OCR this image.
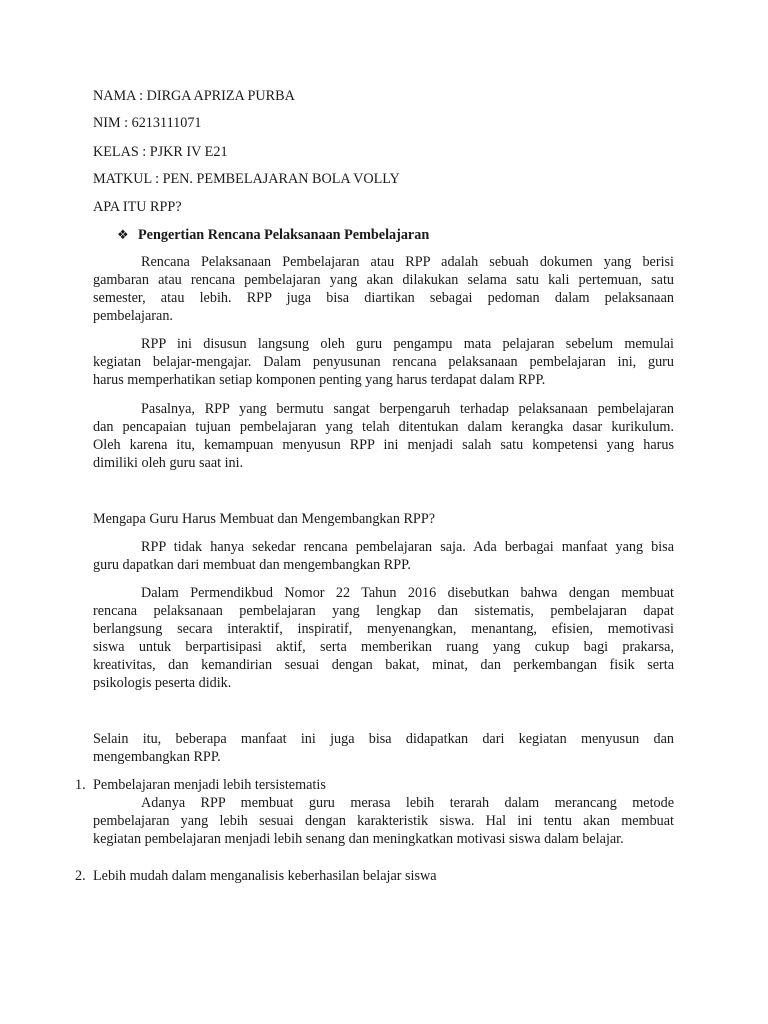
NAMA : DIRGA APRIZA PURBA

NIM : 6213111071

KELAS : PJKR IV E21

MATKUL : PEN. PEMBELAJARAN BOLA VOLLY

APA ITU RPP?

❖ Pengertian Rencana Pelaksanaan Pembelajaran

Rencana Pelaksanaan Pembelajaran atau RPP adalah sebuah dokumen yang berisi

gambaran atau rencana pembelajaran yang akan dilakukan selama satu kali pertemuan, satu

semester, atau lebih. RPP juga bisa diartikan sebagai pedoman dalam pelaksanaan

pembelajaran.

RPP ini disusun langsung oleh guru pengampu mata pelajaran sebelum memulai

kegiatan belajar-mengajar. Dalam penyusunan rencana pelaksanaan pembelajaran ini, guru

harus memperhatikan setiap komponen penting yang harus terdapat dalam RPP.

Pasalnya, RPP yang bermutu sangat berpengaruh terhadap pelaksanaan pembelajaran

dan pencapaian tujuan pembelajaran yang telah ditentukan dalam kerangka dasar kurikulum.

Oleh karena itu, kemampuan menyusun RPP ini menjadi salah satu kompetensi yang harus

dimiliki oleh guru saat ini.

Mengapa Guru Harus Membuat dan Mengembangkan RPP?

RPP tidak hanya sekedar rencana pembelajaran saja. Ada berbagai manfaat yang bisa

guru dapatkan dari membuat dan mengembangkan RPP.

Dalam Permendikbud Nomor 22 Tahun 2016 disebutkan bahwa dengan membuat

rencana pelaksanaan pembelajaran yang lengkap dan sistematis, pembelajaran dapat

berlangsung secara interaktif, inspiratif, menyenangkan, menantang, efisien, memotivasi

siswa untuk berpartisipasi aktif, serta memberikan ruang yang cukup bagi prakarsa,

kreativitas, dan kemandirian sesuai dengan bakat, minat, dan perkembangan fisik serta

psikologis peserta didik.

Selain itu, beberapa manfaat ini juga bisa didapatkan dari kegiatan menyusun dan

mengembangkan RPP.

1. Pembelajaran menjadi lebih tersistematis

Adanya RPP membuat guru merasa lebih terarah dalam merancang metode

pembelajaran yang lebih sesuai dengan karakteristik siswa. Hal ini tentu akan membuat

kegiatan pembelajaran menjadi lebih senang dan meningkatkan motivasi siswa dalam belajar.

2. Lebih mudah dalam menganalisis keberhasilan belajar siswa
